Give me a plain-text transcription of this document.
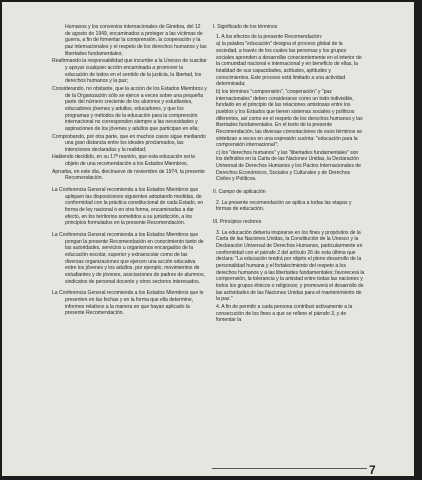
Humanos y los convenios internacionales de Ginebra, del 12 de agosto de 1949, encaminados a proteger a las víctimas de guerra, a fin de fomentar la comprensión, la cooperación y la paz internacionales y el respeto de los derechos humanos y las libertades fundamentales;

Reafirmando la responsabilidad que incumbe a la Unesco de suscitar y apoyar cualquier acción encaminada a promover la educación de todos en el sentido de la justicia, la libertad, los derechos humanos y la paz;

Considerando, no obstante, que la acción de los Estados Miembros y de la Organización sólo se ejerce a veces sobre una pequeña parte del número creciente de los alumnos y estudiantes, educadores jóvenes y adultos, educadores, y que los programas y métodos de la educación para la comprensión internacional no corresponden siempre a las necesidades y aspiraciones de los jóvenes y adultos que participan en ella;

Comprobando, por otra parte, que en muchos casos sigue mediando una gran distancia entre los ideales proclamados, las intenciones declaradas y la realidad;

Habiendo decidido, en su 17ª reunión, que esta educación sería objeto de una recomendación a los Estados Miembros,

Aprueba, en este día, diecinueve de noviembre de 1974, la presente Recomendación.

La Conferencia General recomienda a los Estados Miembros que apliquen las disposiciones siguientes adoptando medidas, de conformidad con la práctica constitucional de cada Estado, en forma de ley nacional o en otra forma, encaminadas a dar efecto, en los territorios sometidos a su jurisdicción, a los principios formulados en la presente Recomendación.

La Conferencia General recomienda a los Estados Miembros que pongan la presente Recomendación en conocimiento tanto de las autoridades, servicios u organismos encargados de la educación escolar, superior y extraescolar como de las diversas organizaciones que ejercen una acción educativa entre los jóvenes y los adultos, por ejemplo, movimientos de estudiantes y de jóvenes, asociaciones de padres de alumnos, sindicatos de personal docente y otros sectores interesados.

La Conferencia General recomienda a los Estados Miembros que le presenten en las fechas y en la forma que ella determine, informes relativos a la manera en que hayan aplicado la presente Recomendación.

I. Significado de los términos

1. A los efectos de la presente Recomendación:

a) la palabra "educación" designa el proceso global de la sociedad, a través de los cuales las personas y los grupos sociales aprenden a desarrollar conscientemente en el interior de la comunidad nacional e internacional y en beneficio de ellas, la totalidad de sus capacidades, actitudes, aptitudes y conocimientos. Este proceso está limitado a una actividad determinada;

b) los términos "comprensión", "cooperación" y "paz internacionales" deben considerarse como un todo indivisible, fundado en el principio de las relaciones amistosas entre los pueblos y los Estados que tienen sistemas sociales y políticos diferentes, así como en el respeto de los derechos humanos y las libertades fundamentales. En el texto de la presente Recomendación, las diversas connotaciones de esos términos se sintetizan a veces en una expresión sucinta: "educación para la comprensión internacional";

c) los "derechos humanos" y las "libertades fundamentales" son los definidos en la Carta de las Naciones Unidas, la Declaración Universal de Derechos Humanos y los Pactos Internacionales de Derechos Económicos, Sociales y Culturales y de Derechos Civiles y Políticos.

II. Campo de aplicación

2. La presente recomendación se aplica a todas las etapas y formas de educación.

III. Principios rectores

3. La educación debería inspirarse en los fines y propósitos de la Carta de las Naciones Unidas, la Constitución de la Unesco y la Declaración Universal de Derechos Humanos, particularmente en conformidad con el párrafo 2 del artículo 26 de esta última que declara: "La educación tendrá por objeto el pleno desarrollo de la personalidad humana y el fortalecimiento del respeto a los derechos humanos y a las libertades fundamentales; favorecerá la comprensión, la tolerancia y la amistad entre todas las naciones y todos los grupos étnicos o religiosos; y promoverá el desarrollo de las actividades de las Naciones Unidas para el mantenimiento de la paz."

4. A fin de permitir a cada persona contribuir activamente a la consecución de los fines a que se refiere el párrafo 3, y de fomentar la

7
